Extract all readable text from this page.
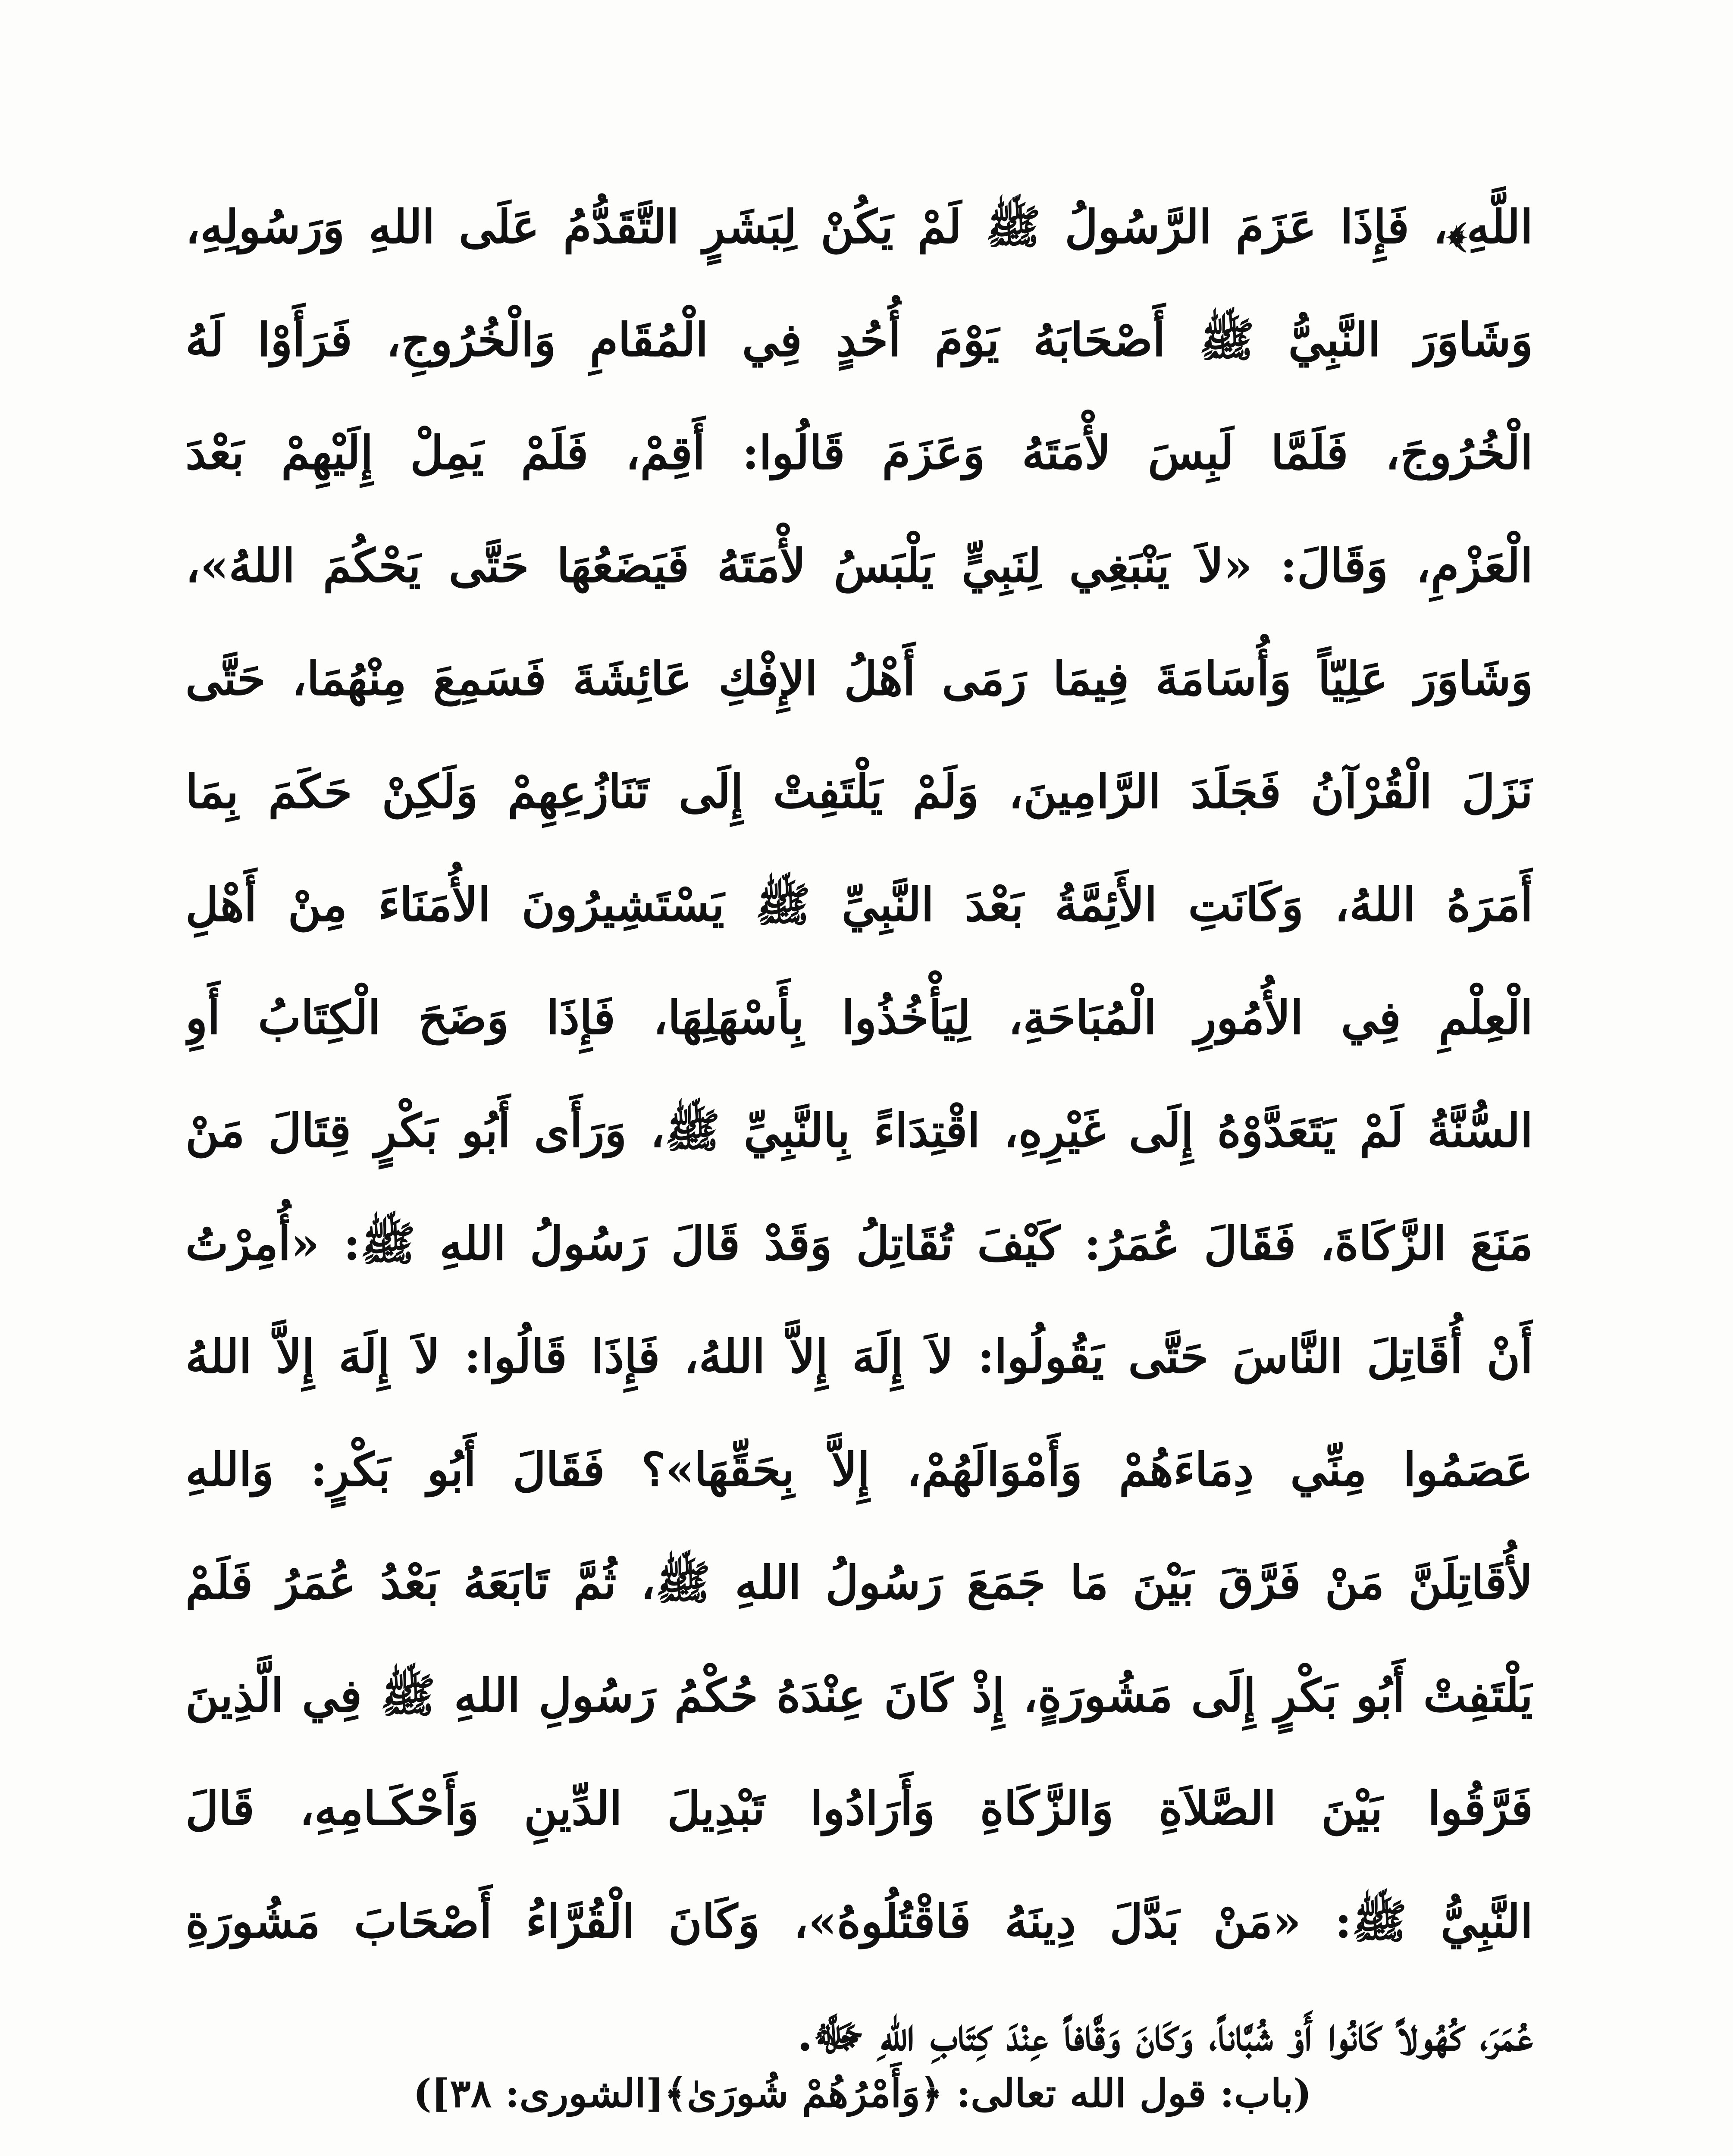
اللَّهِ﴾، فَإِذَا عَزَمَ الرَّسُولُ ﷺ لَمْ يَكُنْ لِبَشَرٍ التَّقَدُّمُ عَلَى اللهِ وَرَسُولِهِ،
وَشَاوَرَ النَّبِيُّ ﷺ أَصْحَابَهُ يَوْمَ أُحُدٍ فِي الْمُقَامِ وَالْخُرُوجِ، فَرَأَوْا لَهُ
الْخُرُوجَ، فَلَمَّا لَبِسَ لأْمَتَهُ وَعَزَمَ قَالُوا: أَقِمْ، فَلَمْ يَمِلْ إِلَيْهِمْ بَعْدَ
الْعَزْمِ، وَقَالَ: «لاَ يَنْبَغِي لِنَبِيٍّ يَلْبَسُ لأْمَتَهُ فَيَضَعُهَا حَتَّى يَحْكُمَ اللهُ»،
وَشَاوَرَ عَلِيّاً وَأُسَامَةَ فِيمَا رَمَى أَهْلُ الإِفْكِ عَائِشَةَ فَسَمِعَ مِنْهُمَا، حَتَّى
نَزَلَ الْقُرْآنُ فَجَلَدَ الرَّامِينَ، وَلَمْ يَلْتَفِتْ إِلَى تَنَازُعِهِمْ وَلَكِنْ حَكَمَ بِمَا
أَمَرَهُ اللهُ، وَكَانَتِ الأَئِمَّةُ بَعْدَ النَّبِيِّ ﷺ يَسْتَشِيرُونَ الأُمَنَاءَ مِنْ أَهْلِ
الْعِلْمِ فِي الأُمُورِ الْمُبَاحَةِ، لِيَأْخُذُوا بِأَسْهَلِهَا، فَإِذَا وَضَحَ الْكِتَابُ أَوِ
السُّنَّةُ لَمْ يَتَعَدَّوْهُ إِلَى غَيْرِهِ، اقْتِدَاءً بِالنَّبِيِّ ﷺ، وَرَأَى أَبُو بَكْرٍ قِتَالَ مَنْ
مَنَعَ الزَّكَاةَ، فَقَالَ عُمَرُ: كَيْفَ تُقَاتِلُ وَقَدْ قَالَ رَسُولُ اللهِ ﷺ: «أُمِرْتُ
أَنْ أُقَاتِلَ النَّاسَ حَتَّى يَقُولُوا: لاَ إِلَهَ إِلاَّ اللهُ، فَإِذَا قَالُوا: لاَ إِلَهَ إِلاَّ اللهُ
عَصَمُوا مِنِّي دِمَاءَهُمْ وَأَمْوَالَهُمْ، إِلاَّ بِحَقِّهَا»؟ فَقَالَ أَبُو بَكْرٍ: وَاللهِ
لأُقَاتِلَنَّ مَنْ فَرَّقَ بَيْنَ مَا جَمَعَ رَسُولُ اللهِ ﷺ، ثُمَّ تَابَعَهُ بَعْدُ عُمَرُ فَلَمْ
يَلْتَفِتْ أَبُو بَكْرٍ إِلَى مَشُورَةٍ، إِذْ كَانَ عِنْدَهُ حُكْمُ رَسُولِ اللهِ ﷺ فِي الَّذِينَ
فَرَّقُوا بَيْنَ الصَّلاَةِ وَالزَّكَاةِ وَأَرَادُوا تَبْدِيلَ الدِّينِ وَأَحْكَـامِهِ، قَالَ
النَّبِيُّ ﷺ: «مَنْ بَدَّلَ دِينَهُ فَاقْتُلُوهُ»، وَكَانَ الْقُرَّاءُ أَصْحَابَ مَشُورَةِ
عُمَرَ، كُهُولاً كَانُوا أَوْ شُبَّاناً، وَكَانَ وَقَّافاً عِنْدَ كِتَابِ اللهِ ﷻ.
(باب: قول الله تعالى: ﴿وَأَمْرُهُمْ شُورَىٰ﴾[الشورى: ٣٨])
